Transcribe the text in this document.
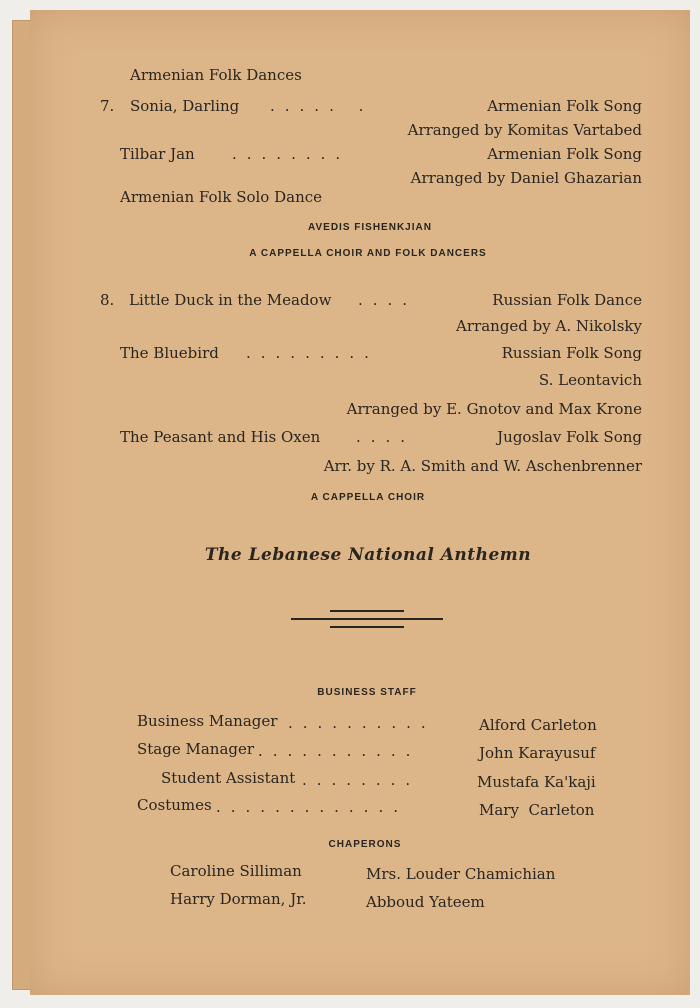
Armenian Folk Dances
7. Sonia, Darling ..... .	Armenian Folk Song
Arranged by Komitas Vartabed
Tilbar Jan ........	Armenian Folk Song
Arranged by Daniel Ghazarian
Armenian Folk Solo Dance
AVEDIS FISHENKJIAN
A CAPPELLA CHOIR AND FOLK DANCERS
8. Little Duck in the Meadow ....	Russian Folk Dance
Arranged by A. Nikolsky
The Bluebird .........	Russian Folk Song
S. Leontavich
Arranged by E. Gnotov and Max Krone
The Peasant and His Oxen ....	Jugoslav Folk Song
Arr. by R. A. Smith and W. Aschenbrenner
A CAPPELLA CHOIR
The Lebanese National Anthemn
BUSINESS STAFF
Business Manager ..........	Alford Carleton
Stage Manager ...........	John Karayusuf
Student Assistant ........	Mustafa Ka'kaji
Costumes .............	Mary  Carleton
CHAPERONS
Caroline Silliman	Mrs. Louder Chamichian
Harry Dorman, Jr.	Abboud Yateem
